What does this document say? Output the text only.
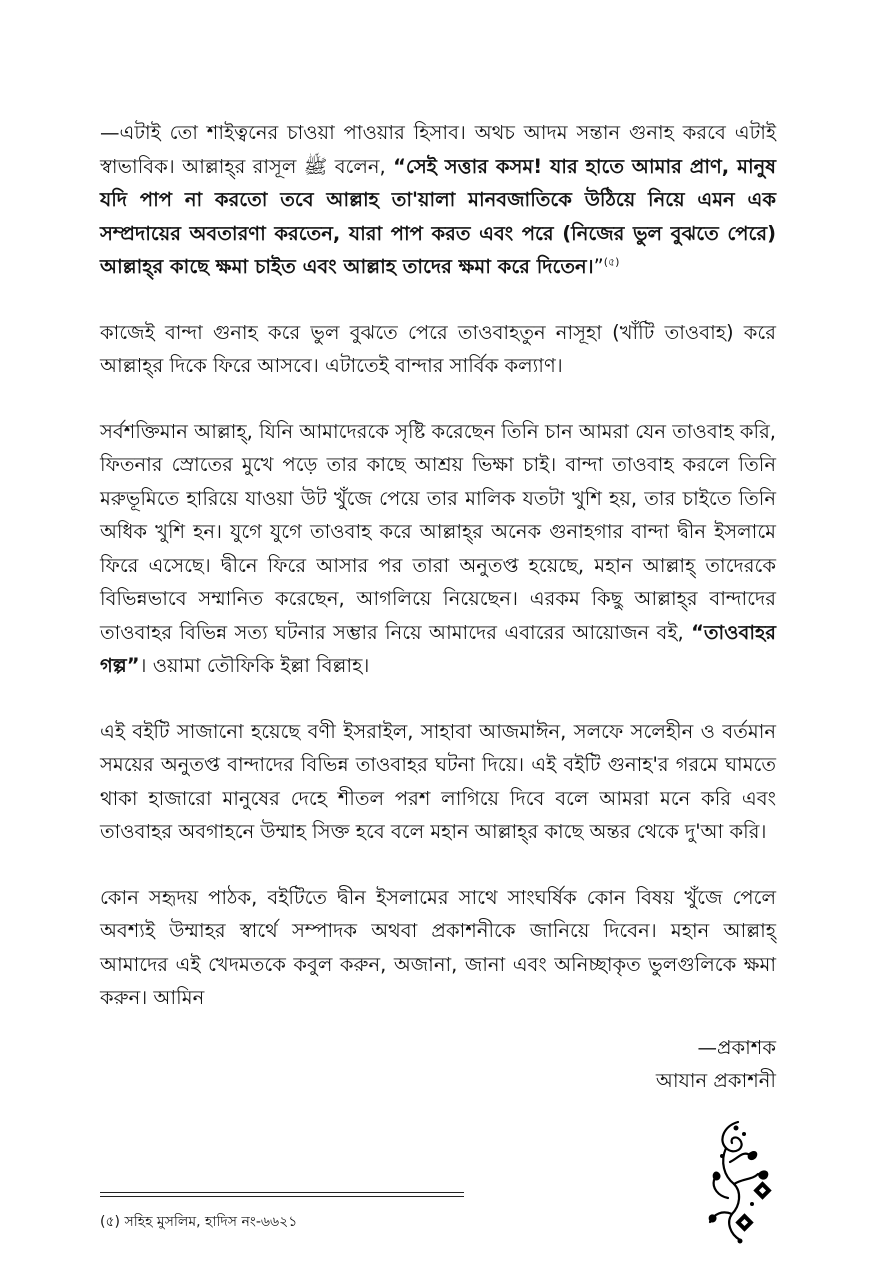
—এটাই তো শাইত্বনের চাওয়া পাওয়ার হিসাব। অথচ আদম সন্তান গুনাহ করবে এটাই স্বাভাবিক। আল্লাহ্‌র রাসূল ﷺ বলেন, “সেই সত্তার কসম! যার হাতে আমার প্রাণ, মানুষ যদি পাপ না করতো তবে আল্লাহ তা'য়ালা মানবজাতিকে উঠিয়ে নিয়ে এমন এক সম্প্রদায়ের অবতারণা করতেন, যারা পাপ করত এবং পরে (নিজের ভুল বুঝতে পেরে) আল্লাহ্‌র কাছে ক্ষমা চাইত এবং আল্লাহ তাদের ক্ষমা করে দিতেন।”$^{(৫)}$

কাজেই বান্দা গুনাহ করে ভুল বুঝতে পেরে তাওবাহতুন নাসূহা (খাঁটি তাওবাহ) করে আল্লাহ্‌র দিকে ফিরে আসবে। এটাতেই বান্দার সার্বিক কল্যাণ।

সর্বশক্তিমান আল্লাহ্‌, যিনি আমাদেরকে সৃষ্টি করেছেন তিনি চান আমরা যেন তাওবাহ করি, ফিতনার স্রোতের মুখে পড়ে তার কাছে আশ্রয় ভিক্ষা চাই। বান্দা তাওবাহ করলে তিনি মরুভূমিতে হারিয়ে যাওয়া উট খুঁজে পেয়ে তার মালিক যতটা খুশি হয়, তার চাইতে তিনি অধিক খুশি হন। যুগে যুগে তাওবাহ করে আল্লাহ্‌র অনেক গুনাহগার বান্দা দ্বীন ইসলামে ফিরে এসেছে। দ্বীনে ফিরে আসার পর তারা অনুতপ্ত হয়েছে, মহান আল্লাহ্‌ তাদেরকে বিভিন্নভাবে সম্মানিত করেছেন, আগলিয়ে নিয়েছেন। এরকম কিছু আল্লাহ্‌র বান্দাদের তাওবাহর বিভিন্ন সত্য ঘটনার সম্ভার নিয়ে আমাদের এবারের আয়োজন বই, “তাওবাহর গল্প”। ওয়ামা তৌফিকি ইল্লা বিল্লাহ।

এই বইটি সাজানো হয়েছে বণী ইসরাইল, সাহাবা আজমাঈন, সলফে সলেহীন ও বর্তমান সময়ের অনুতপ্ত বান্দাদের বিভিন্ন তাওবাহর ঘটনা দিয়ে। এই বইটি গুনাহ'র গরমে ঘামতে থাকা হাজারো মানুষের দেহে শীতল পরশ লাগিয়ে দিবে বলে আমরা মনে করি এবং তাওবাহর অবগাহনে উম্মাহ সিক্ত হবে বলে মহান আল্লাহ্‌র কাছে অন্তর থেকে দু'আ করি।

কোন সহৃদয় পাঠক, বইটিতে দ্বীন ইসলামের সাথে সাংঘর্ষিক কোন বিষয় খুঁজে পেলে অবশ্যই উম্মাহর স্বার্থে সম্পাদক অথবা প্রকাশনীকে জানিয়ে দিবেন। মহান আল্লাহ্‌ আমাদের এই খেদমতকে কবুল করুন, অজানা, জানা এবং অনিচ্ছাকৃত ভুলগুলিকে ক্ষমা করুন। আমিন

—প্রকাশক
আযান প্রকাশনী
(৫) সহিহ মুসলিম, হাদিস নং-৬৬২১
